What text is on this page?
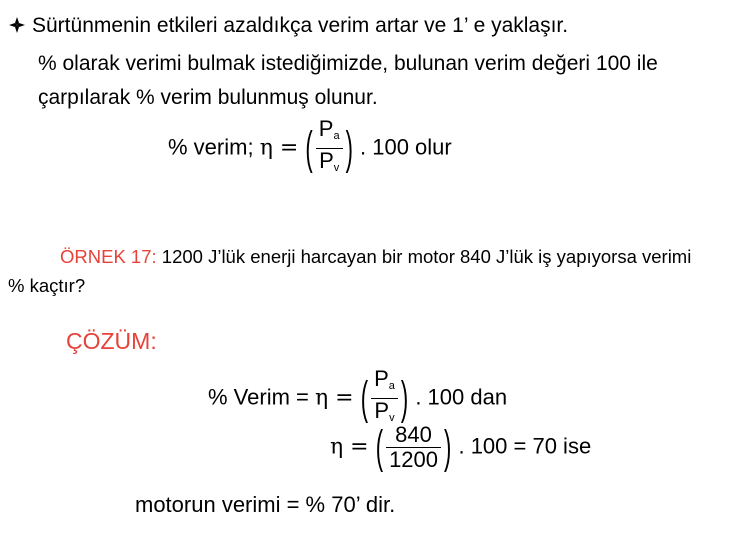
Sürtünmenin etkileri azaldıkça verim artar ve 1’ e yaklaşır.
% olarak verimi bulmak istediğimizde, bulunan verim değeri 100 ile
çarpılarak % verim bulunmuş olunur.
% verim; η = ( $\frac{P_a}{P_v}$ ) . 100 olur
ÖRNEK 17: 1200 J’lük enerji harcayan bir motor 840 J’lük iş yapıyorsa verimi
% kaçtır?
ÇÖZÜM:
% Verim = η = ( $\frac{P_a}{P_v}$ ) . 100 dan
η = ( $\frac{840}{1200}$ ) . 100 = 70 ise
motorun verimi = % 70’ dir.
